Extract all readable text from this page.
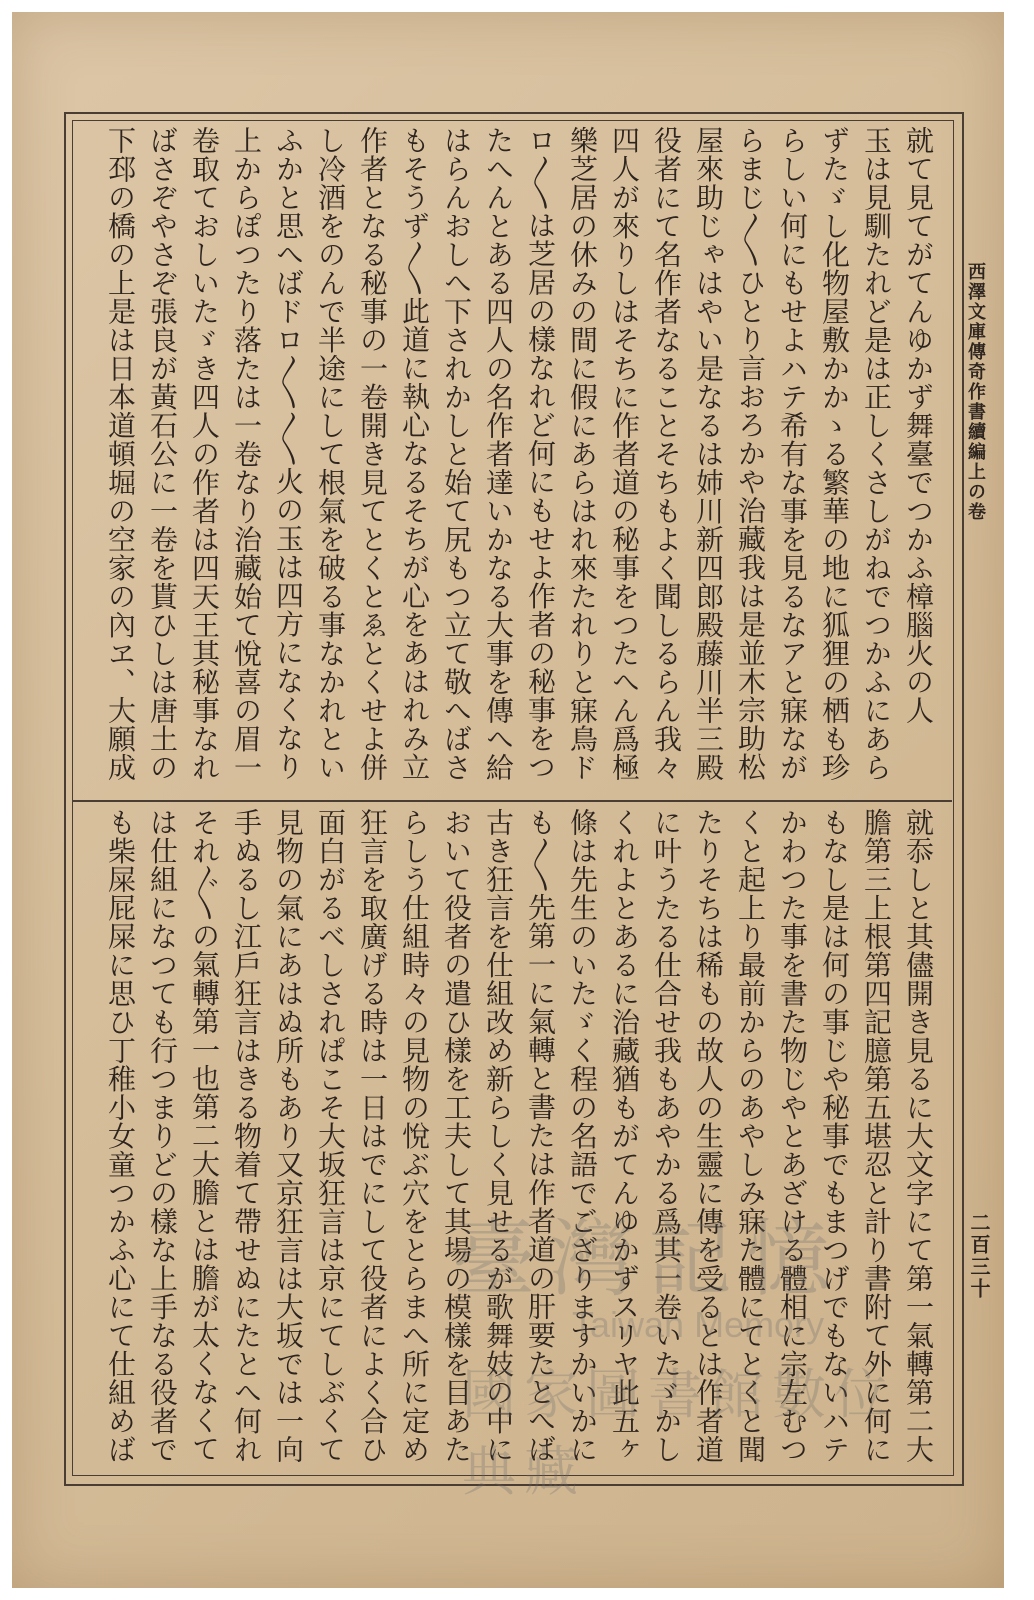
西澤文庫傳奇作書續編上の卷
二百三十
就て見てがてんゆかず舞臺でつかふ樟腦火の人
玉は見馴たれど是は正しくさしがねでつかふにあら
ずたゞし化物屋敷かかゝる繁華の地に狐狸の栖も珍
らしい何にもせよハテ希有な事を見るなアと寐なが
らまじ〳〵ひとり言おろかや治藏我は是並木宗助松
屋來助じゃはやい是なるは姉川新四郎殿藤川半三殿
役者にて名作者なることそちもよく聞しるらん我々
四人が來りしはそちに作者道の秘事をつたへん爲極
樂芝居の休みの間に假にあらはれ來たれりと寐鳥ド
ロ〳〵は芝居の樣なれど何にもせよ作者の秘事をつ
たへんとある四人の名作者達いかなる大事を傳へ給
はらんおしへ下されかしと始て尻もつ立て敬へばさ
もそうず〳〵此道に執心なるそちが心をあはれみ立
作者となる秘事の一卷開き見てとくとゑとくせよ併
し冷酒をのんで半途にして根氣を破る事なかれとい
ふかと思へばドロ〳〵〳〵火の玉は四方になくなり
上からぽつたり落たは一卷なり治藏始て悅喜の眉一
卷取ておしいたゞき四人の作者は四天王其秘事なれ
ばさぞやさぞ張良が黃石公に一卷を貰ひしは唐土の
下邳の橋の上是は日本道頓堀の空家の內ヱ、大願成
就忝しと其儘開き見るに大文字にて第一氣轉第二大
膽第三上根第四記臆第五堪忍と計り書附て外に何に
もなし是は何の事じや秘事でもまつげでもないハテ
かわつた事を書た物じやとあざける體相に宗左むつ
くと起上り最前からのあやしみ寐た體にてとくと聞
たりそちは稀もの故人の生靈に傳を受るとは作者道
に叶うたる仕合せ我もあやかる爲其一卷いたゞかし
くれよとあるに治藏猶もがてんゆかずスリヤ此五ヶ
條は先生のいたゞく程の名語でござりますかいかに
も〳〵先第一に氣轉と書たは作者道の肝要たとへば
古き狂言を仕組改め新らしく見せるが歌舞妓の中に
おいて役者の遣ひ樣を工夫して其場の模樣を目あた
らしう仕組時々の見物の悅ぶ穴をとらまへ所に定め
狂言を取廣げる時は一日はでにして役者によく合ひ
面白がるべしされぱこそ大坂狂言は京にてしぶくて
見物の氣にあはぬ所もあり又京狂言は大坂では一向
手ぬるし江戶狂言はきる物着て帶せぬにたとへ何れ
それ〴〵の氣轉第一也第二大膽とは膽が太くなくて
は仕組になつても行つまりどの樣な上手なる役者で
も柴屎屁屎に思ひ丁稚小女童つかふ心にて仕組めば	臺灣記憶
Taiwan Memory
國家圖書館數位典藏
